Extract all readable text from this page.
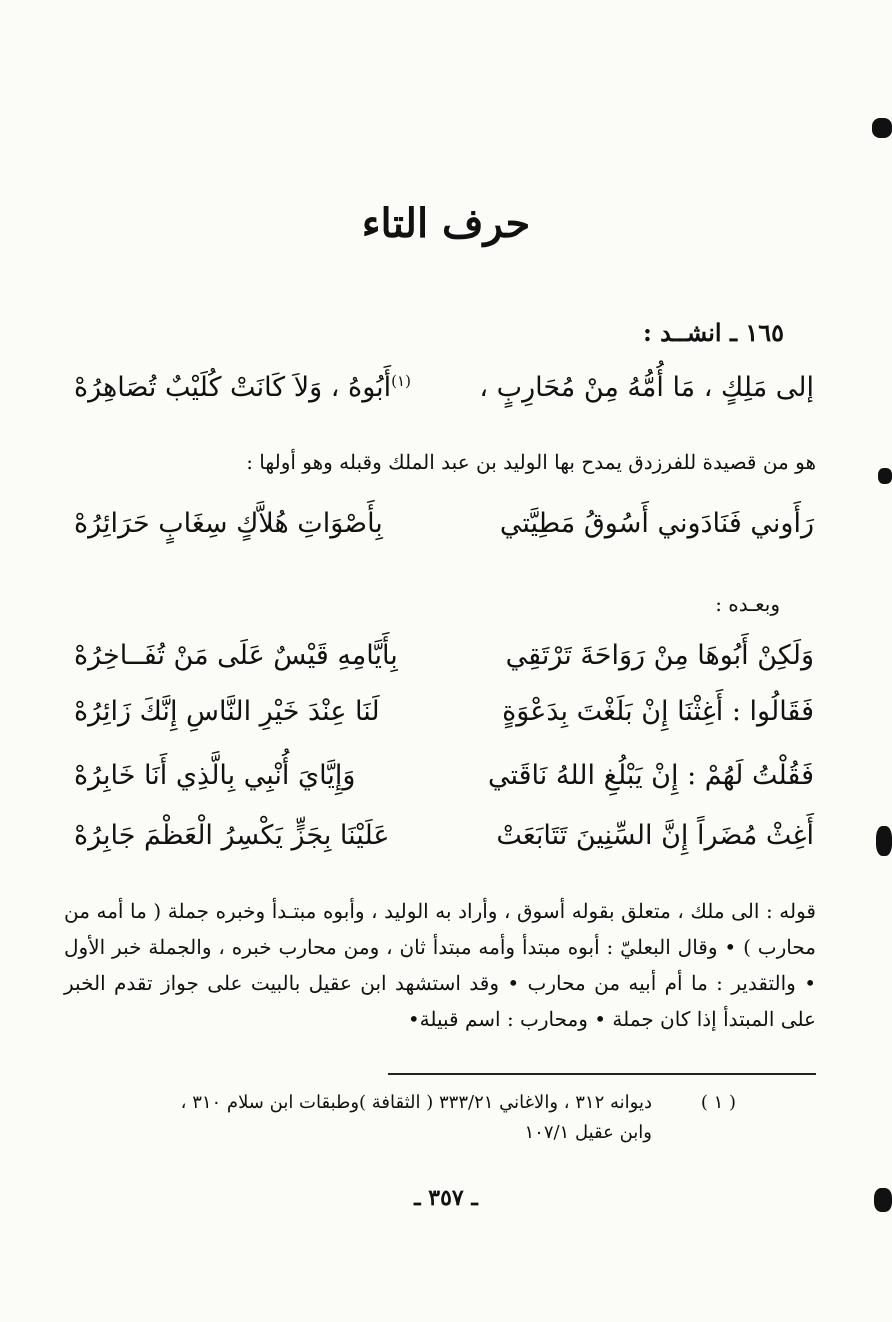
حرف التاء
١٦٥ ـ انشــد :
إلى مَلِكٍ ، مَا أُمُّهُ مِنْ مُحَارِبٍ ،
$^{(١)}$أَبُوهُ ، وَلاَ كَانَتْ كُلَيْبٌ تُصَاهِرُهْ
هو من قصيدة للفرزدق يمدح بها الوليد بن عبد الملك وقبله وهو أولها :
رَأَوني فَنَادَوني أَسُوقُ مَطِيَّتي
بِأَصْوَاتِ هُلاَّكٍ سِغَابٍ حَرَائِرُهْ
وبعـده :
وَلَكِنْ أَبُوهَا مِنْ رَوَاحَةَ تَرْتَقِي
بِأَيَّامِهِ قَيْسٌ عَلَى مَنْ تُفَــاخِرُهْ
فَقَالُوا : أَغِثْنَا إِنْ بَلَغْتَ بِدَعْوَةٍ
لَنَا عِنْدَ خَيْرِ النَّاسِ إِنَّكَ زَائِرُهْ
فَقُلْتُ لَهُمْ : إِنْ يَبْلُغِ اللهُ نَاقَتي
وَإِيَّايَ أُنْبِي بِالَّذِي أَنَا خَابِرُهْ
أَغِثْ مُضَراً إِنَّ السِّنِينَ تَتَابَعَتْ
عَلَيْنَا بِجَزٍّ يَكْسِرُ الْعَظْمَ جَابِرُهْ
قوله : الى ملك ، متعلق بقوله أسوق ، وأراد به الوليد ، وأبوه مبتـدأ وخبره جملة ( ما أمه من محارب ) • وقال البعليّ : أبوه مبتدأ وأمه مبتدأ ثان ، ومن محارب خبره ، والجملة خبر الأول • والتقدير : ما أم أبيه من محارب • وقد استشهد ابن عقيل بالبيت على جواز تقدم الخبر على المبتدأ إذا كان جملة • ومحارب : اسم قبيلة•
( ١ )
ديوانه ٣١٢ ، والاغاني ٣٣٣/٢١ ( الثقافة )وطبقات ابن سلام ٣١٠ ،
وابن عقيل ١٠٧/١
ـ ٣٥٧ ـ
